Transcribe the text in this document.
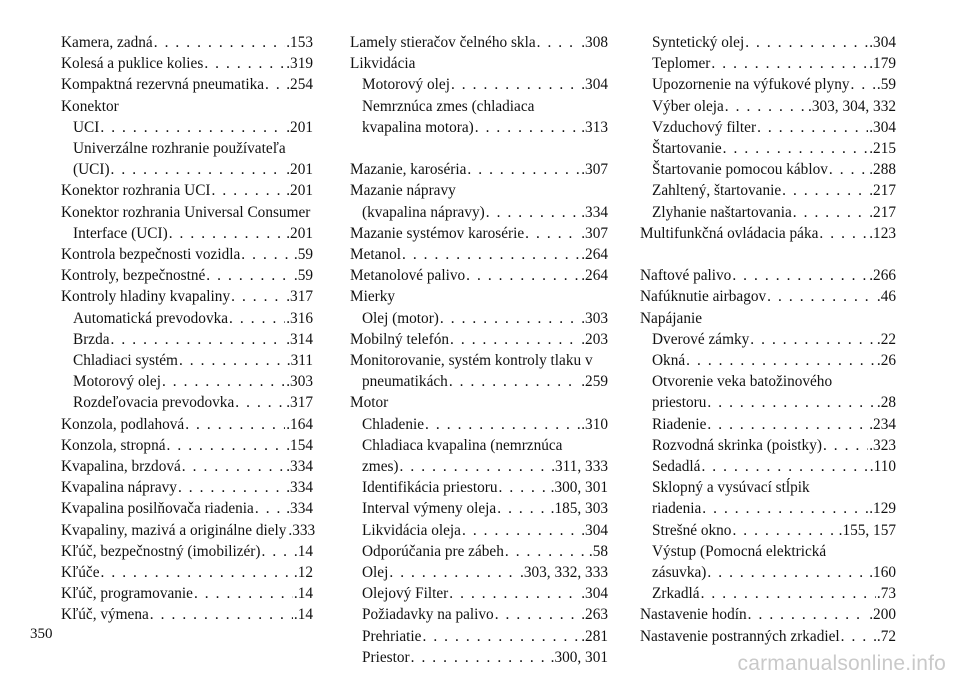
Kamera, zadná . . .	.153
Kolesá a puklice kolies . . .	.319
Kompaktná rezervná pneumatika . . . .254
Konektor
UCI . . .	.201
Univerzálne rozhranie používateľa
(UCI) . . .	.201
Konektor rozhrania UCI . . .	.201
Konektor rozhrania Universal Consumer
Interface (UCI) . . .	.201
Kontrola bezpečnosti vozidla . . .	.59
Kontroly, bezpečnostné . . .	.59
Kontroly hladiny kvapaliny . . .	.317
Automatická prevodovka . . .	.316
Brzda . . .	.314
Chladiaci systém . . .	.311
Motorový olej . . .	.303
Rozdeľovacia prevodovka . . .	.317
Konzola, podlahová . . .	.164
Konzola, stropná . . .	.154
Kvapalina, brzdová . . .	.334
Kvapalina nápravy . . .	.334
Kvapalina posilňovača riadenia . . . .334
Kvapaliny, mazivá a originálne diely .333
Kľúč, bezpečnostný (imobilizér) . . . .14
Kľúče . . .	.12
Kľúč, programovanie . . .	.14
Kľúč, výmena . . .	.14
Lamely stieračov čelného skla . . .	.308
Likvidácia
Motorový olej . . .	.304
Nemrznúca zmes (chladiaca
kvapalina motora) . . .	.313
Mazanie, karoséria . . .	.307
Mazanie nápravy
(kvapalina nápravy) . . .	.334
Mazanie systémov karosérie . . .	.307
Metanol . . .	.264
Metanolové palivo . . .	.264
Mierky
Olej (motor) . . .	.303
Mobilný telefón . . .	.203
Monitorovanie, systém kontroly tlaku v
pneumatikách . . .	.259
Motor
Chladenie . . .	.310
Chladiaca kvapalina (nemrznúca
zmes) . . .	.311, 333
Identifikácia priestoru . . .	.300, 301
Interval výmeny oleja . . .	.185, 303
Likvidácia oleja . . .	.304
Odporúčania pre zábeh . . .	.58
Olej . . .	.303, 332, 333
Olejový Filter . . .	.304
Požiadavky na palivo . . .	.263
Prehriatie . . .	.281
Priestor . . .	.300, 301
Syntetický olej . . .	.304
Teplomer . . .	.179
Upozornenie na výfukové plyny . . . .59
Výber oleja . . .	.303, 304, 332
Vzduchový filter . . .	.304
Štartovanie . . .	.215
Štartovanie pomocou káblov . . .	.288
Zahltený, štartovanie . . .	.217
Zlyhanie naštartovania . . .	.217
Multifunkčná ovládacia páka . . .	.123
Naftové palivo . . .	.266
Nafúknutie airbagov . . .	.46
Napájanie
Dverové zámky . . .	.22
Okná . . .	.26
Otvorenie veka batožinového
priestoru . . .	.28
Riadenie . . .	.234
Rozvodná skrinka (poistky) . . .	.323
Sedadlá . . .	.110
Sklopný a vysúvací stĺpik
riadenia . . .	.129
Strešné okno . . .	.155, 157
Výstup (Pomocná elektrická
zásuvka) . . .	.160
Zrkadlá . . .	.73
Nastavenie hodín . . .	.200
Nastavenie postranných zrkadiel . . . .72
350
carmanualsonline.info
